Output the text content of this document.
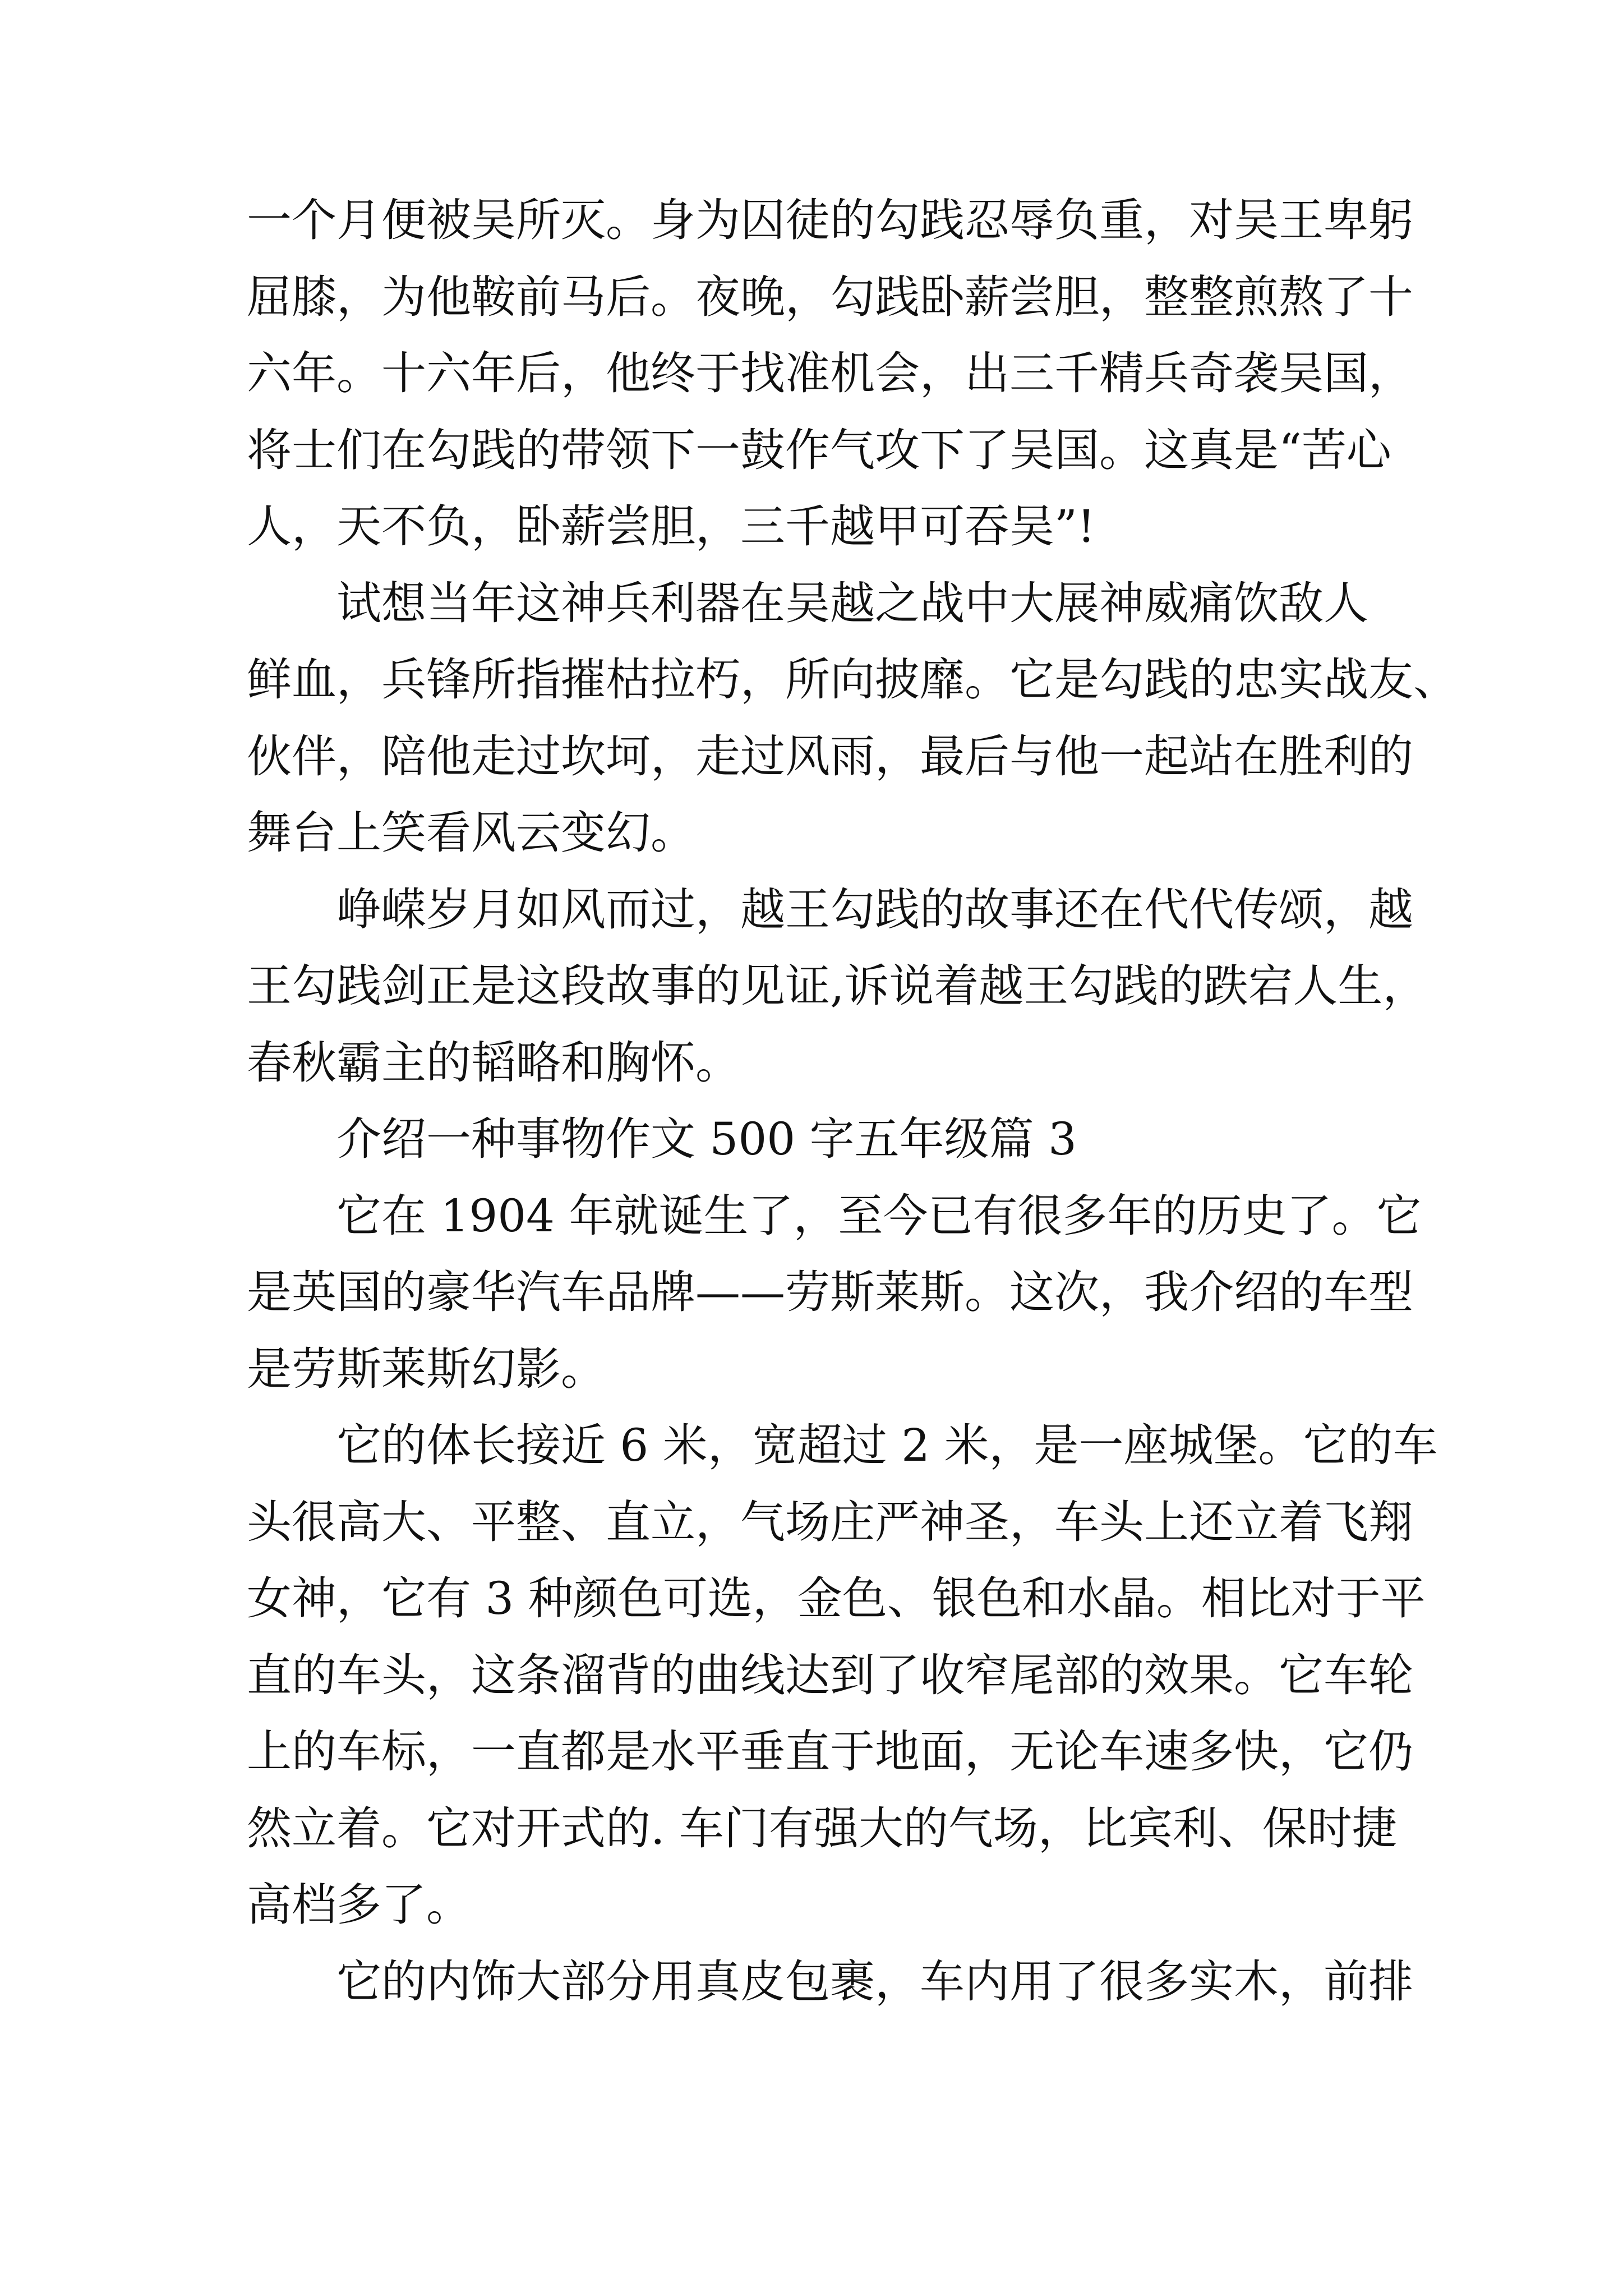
一个月便被吴所灭。身为囚徒的勾践忍辱负重，对吴王卑躬
屈膝，为他鞍前马后。夜晚，勾践卧薪尝胆，整整煎熬了十
六年。十六年后，他终于找准机会，出三千精兵奇袭吴国，
将士们在勾践的带领下一鼓作气攻下了吴国。这真是“苦心
人，天不负，卧薪尝胆，三千越甲可吞吴”!

试想当年这神兵利器在吴越之战中大展神威痛饮敌人
鲜血，兵锋所指摧枯拉朽，所向披靡。它是勾践的忠实战友、
伙伴，陪他走过坎坷，走过风雨，最后与他一起站在胜利的
舞台上笑看风云变幻。

峥嵘岁月如风而过，越王勾践的故事还在代代传颂，越
王勾践剑正是这段故事的见证,诉说着越王勾践的跌宕人生，
春秋霸主的韬略和胸怀。

介绍一种事物作文 500 字五年级篇 3

它在 1904 年就诞生了，至今已有很多年的历史了。它
是英国的豪华汽车品牌——劳斯莱斯。这次，我介绍的车型
是劳斯莱斯幻影。

它的体长接近 6 米，宽超过 2 米，是一座城堡。它的车
头很高大、平整、直立，气场庄严神圣，车头上还立着飞翔
女神，它有 3 种颜色可选，金色、银色和水晶。相比对于平
直的车头，这条溜背的曲线达到了收窄尾部的效果。它车轮
上的车标，一直都是水平垂直于地面，无论车速多快，它仍
然立着。它对开式的. 车门有强大的气场，比宾利、保时捷
高档多了。

它的内饰大部分用真皮包裹，车内用了很多实木，前排
